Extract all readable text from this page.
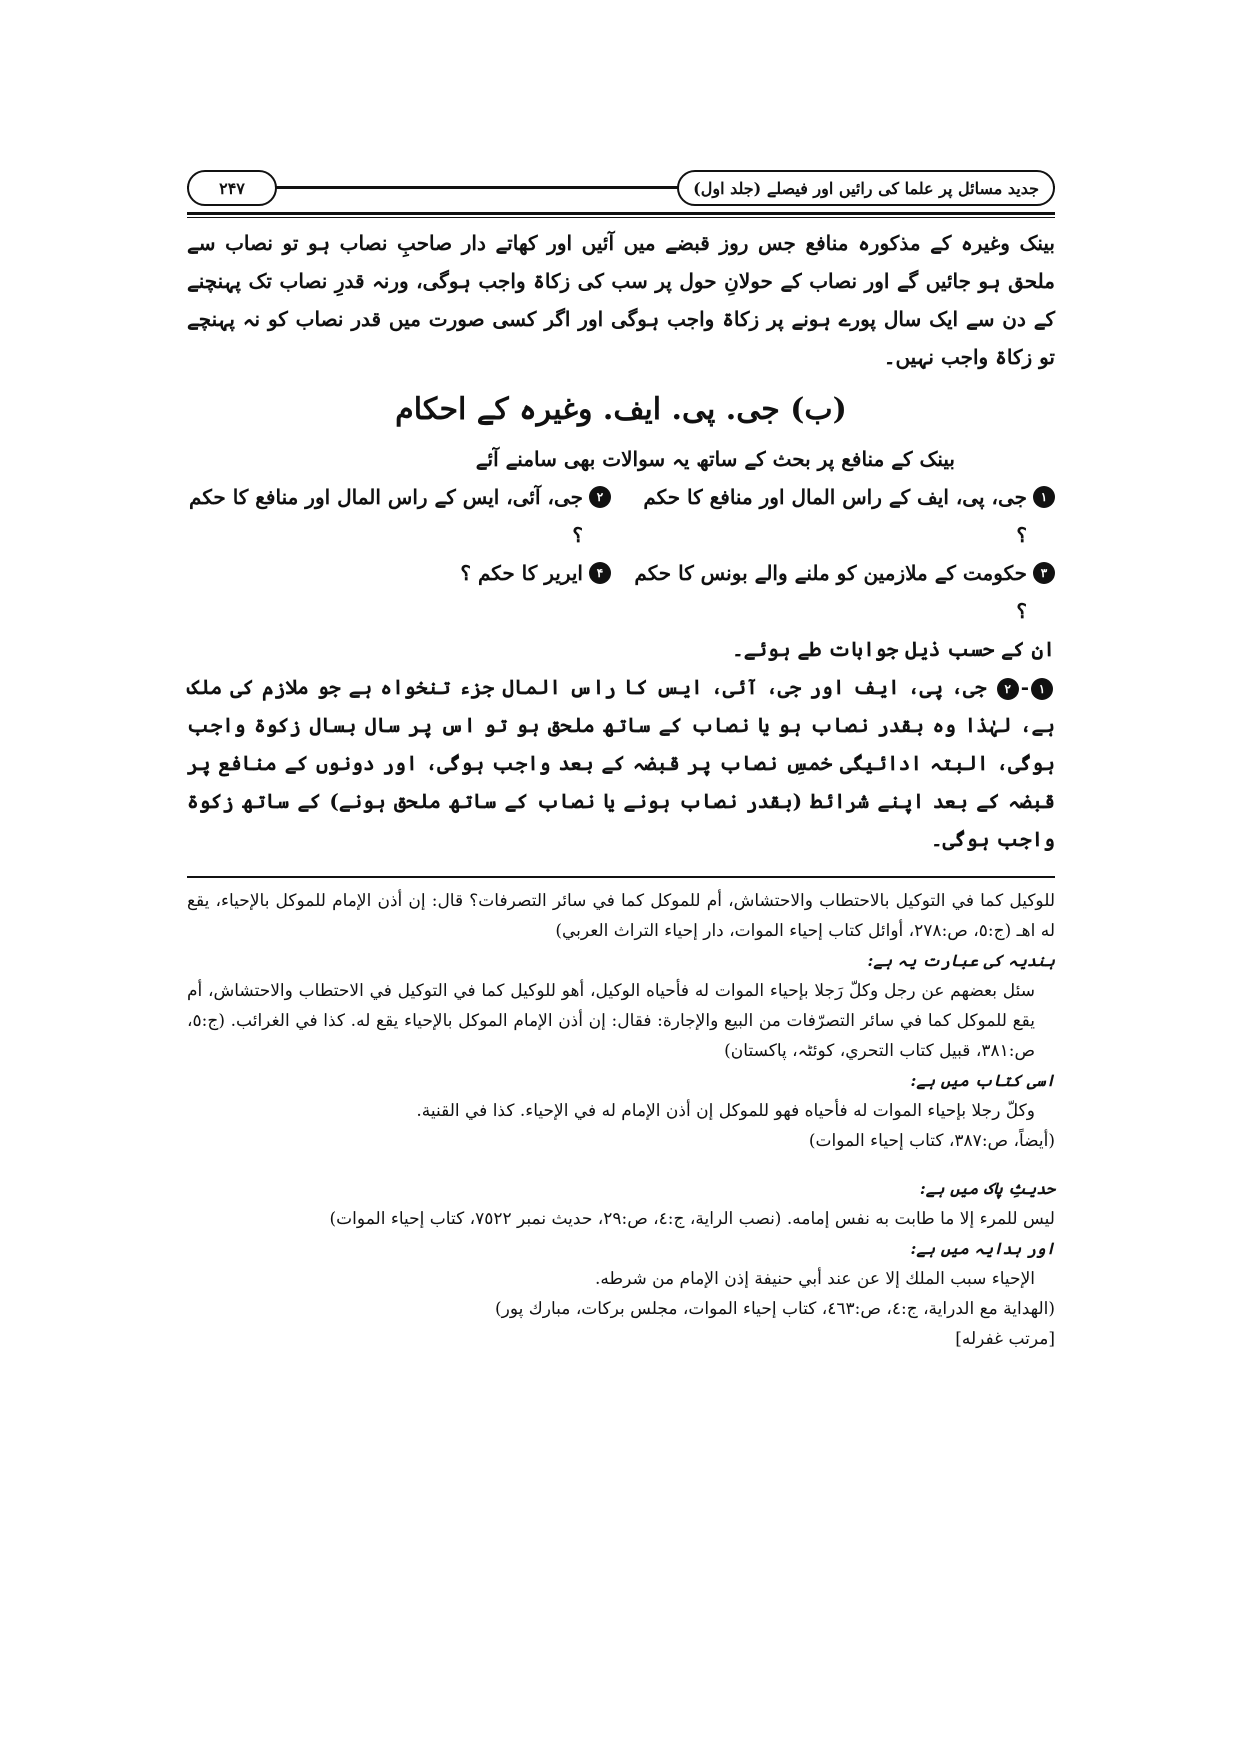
جدید مسائل پر علما کی رائیں اور فیصلے (جلد اول)
۲۴۷

بینک وغیرہ کے مذکورہ منافع جس روز قبضے میں آئیں اور کھاتے دار صاحبِ نصاب ہو تو نصاب سے ملحق ہو جائیں گے اور نصاب کے حولانِ حول پر سب کی زکاۃ واجب ہوگی، ورنہ قدرِ نصاب تک پہنچنے کے دن سے ایک سال پورے ہونے پر زکاۃ واجب ہوگی اور اگر کسی صورت میں قدر نصاب کو نہ پہنچے تو زکاۃ واجب نہیں۔

(ب) جی. پی. ایف. وغیرہ کے احکام

بینک کے منافع پر بحث کے ساتھ یہ سوالات بھی سامنے آئے

۱
جی، پی، ایف کے راس المال اور منافع کا حکم ؟
۲
جی، آئی، ایس کے راس المال اور منافع کا حکم ؟
۳
حکومت کے ملازمین کو ملنے والے بونس کا حکم ؟
۴
ایریر کا حکم ؟

ان کے حسب ذیل جوابات طے ہوئے۔

۱-۲ جی، پی، ایف اور جی، آئی، ایس کا راس المال جزء تنخواہ ہے جو ملازم کی ملک ہے، لہٰذا وہ بقدر نصاب ہو یا نصاب کے ساتھ ملحق ہو تو اس پر سال بسال زکوۃ واجب ہوگی، البتہ ادائیگی خمسِ نصاب پر قبضہ کے بعد واجب ہوگی، اور دونوں کے منافع پر قبضہ کے بعد اپنے شرائط (بقدر نصاب ہونے یا نصاب کے ساتھ ملحق ہونے) کے ساتھ زکوۃ واجب ہوگی۔

للوكيل كما في التوكيل بالاحتطاب والاحتشاش، أم للموكل كما في سائر التصرفات؟ قال: إن أذن الإمام للموكل بالإحياء، يقع له اهـ (ج:٥، ص:٢٧٨، أوائل كتاب إحياء الموات، دار إحياء التراث العربي)

ہندیہ کی عبارت یہ ہے:

سئل بعضهم عن رجل وكلّ رَجلا بإحياء الموات له فأحياه الوكيل، أهو للوكيل كما في التوكيل في الاحتطاب والاحتشاش، أم يقع للموكل كما في سائر التصرّفات من البيع والإجارة: فقال: إن أذن الإمام الموكل بالإحياء يقع له. كذا في الغرائب. (ج:٥، ص:٣٨١، قبيل كتاب التحري، كوئٹہ، پاکستان)

اسی کتاب میں ہے:

وكلّ رجلا بإحياء الموات له فأحياه فهو للموكل إن أذن الإمام له في الإحياء. كذا في القنية.

(أيضاً، ص:٣٨٧، كتاب إحياء الموات)

حدیثِ پاک میں ہے:

ليس للمرء إلا ما طابت به نفس إمامه. (نصب الراية، ج:٤، ص:٢٩، حديث نمبر ٧٥٢٢، كتاب إحياء الموات)

اور ہدایہ میں ہے:

الإحياء سبب الملك إلا عن عند أبي حنيفة إذن الإمام من شرطه.

(الهداية مع الدراية، ج:٤، ص:٤٦٣، كتاب إحياء الموات، مجلس بركات، مبارك پور)

[مرتب غفرله]
